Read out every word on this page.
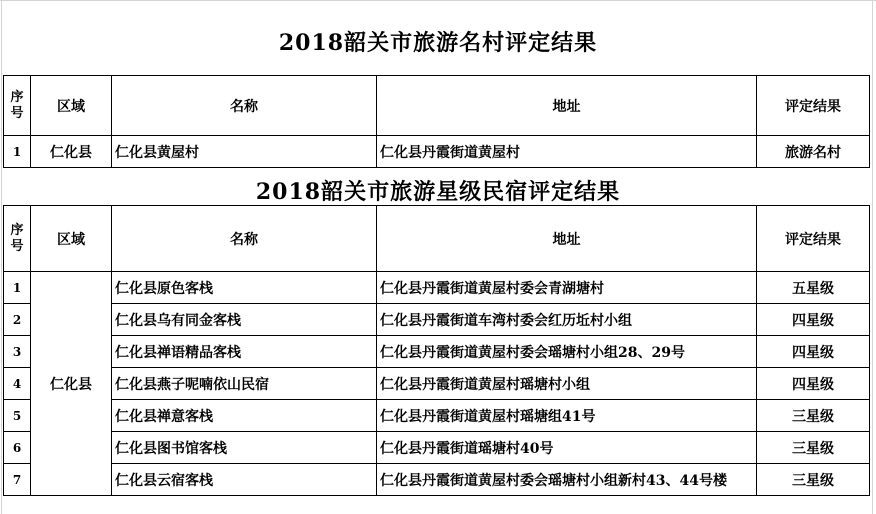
2018韶关市旅游名村评定结果
序号	区域	名称	地址	评定结果
1	仁化县	仁化县黄屋村	仁化县丹霞街道黄屋村	旅游名村
2018韶关市旅游星级民宿评定结果
序号	区域	名称	地址	评定结果
1	仁化县	仁化县原色客栈	仁化县丹霞街道黄屋村委会青湖塘村	五星级
2		仁化县乌有同金客栈	仁化县丹霞街道车湾村委会红历坵村小组	四星级
3		仁化县禅语精品客栈	仁化县丹霞街道黄屋村委会瑶塘村小组28、29号	四星级
4		仁化县燕子呢喃依山民宿	仁化县丹霞街道黄屋村瑶塘村小组	四星级
5		仁化县禅意客栈	仁化县丹霞街道黄屋村瑶塘组41号	三星级
6		仁化县图书馆客栈	仁化县丹霞街道瑶塘村40号	三星级
7		仁化县云宿客栈	仁化县丹霞街道黄屋村委会瑶塘村小组新村43、44号楼	三星级
